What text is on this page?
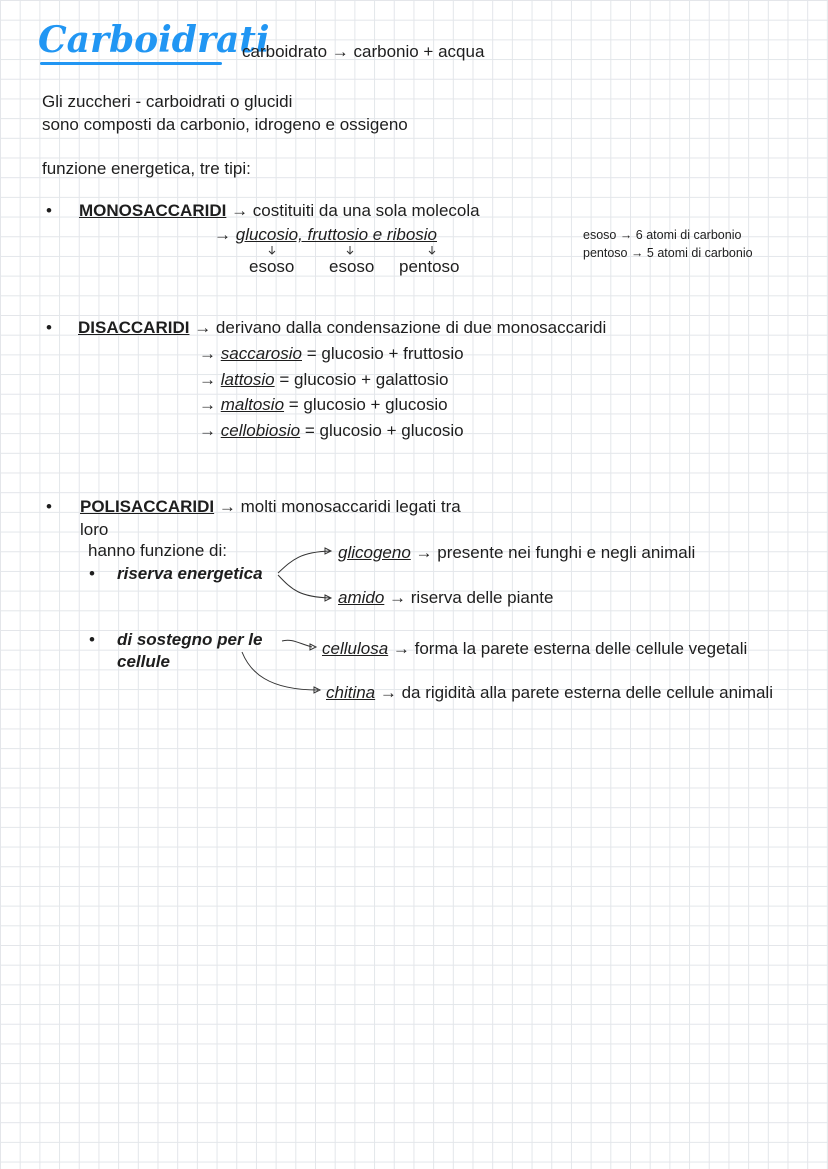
Carboidrati
carboidrato → carbonio + acqua
Gli zuccheri - carboidrati o glucidi
sono composti da carbonio, idrogeno e ossigeno
funzione energetica, tre tipi:
• MONOSACCARIDI → costituiti da una sola molecola
→ glucosio, fruttosio e ribosio
esoso esoso pentoso
esoso → 6 atomi di carbonio
pentoso → 5 atomi di carbonio
• DISACCARIDI → derivano dalla condensazione di due monosaccaridi
→ saccarosio = glucosio + fruttosio
→ lattosio = glucosio + galattosio
→ maltosio = glucosio + glucosio
→ cellobiosio = glucosio + glucosio
• POLISACCARIDI → molti monosaccaridi legati tra
loro
hanno funzione di:
• riserva energetica
glicogeno → presente nei funghi e negli animali
amido → riserva delle piante
• di sostegno per le
cellule
cellulosa → forma la parete esterna delle cellule vegetali
chitina → da rigidità alla parete esterna delle cellule animali
